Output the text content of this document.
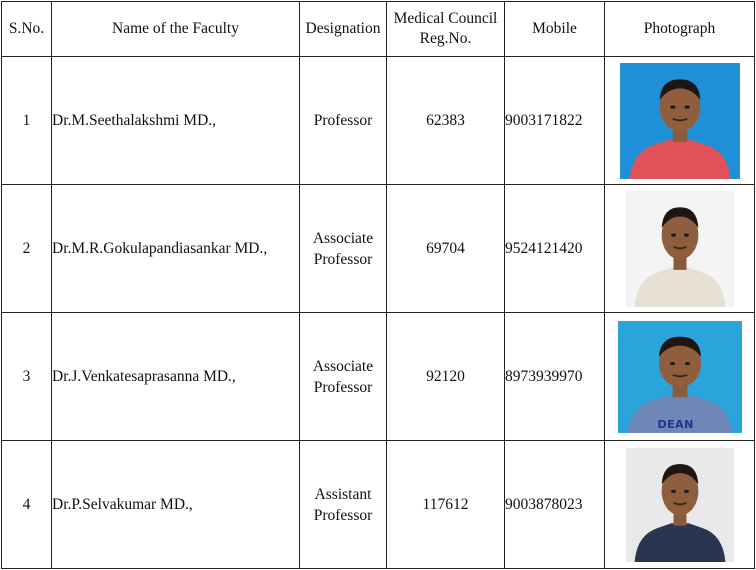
S.No.	Name of the Faculty	Designation	Medical Council Reg.No.	Mobile	Photograph
1	Dr.M.Seethalakshmi MD.,	Professor	62383	9003171822	

2	Dr.M.R.Gokulapandiasankar MD.,	Associate Professor	69704	9524121420	

3	Dr.J.Venkatesaprasanna MD.,	Associate Professor	92120	8973939970	DEAN

4	Dr.P.Selvakumar MD.,	Assistant Professor	117612	9003878023	
